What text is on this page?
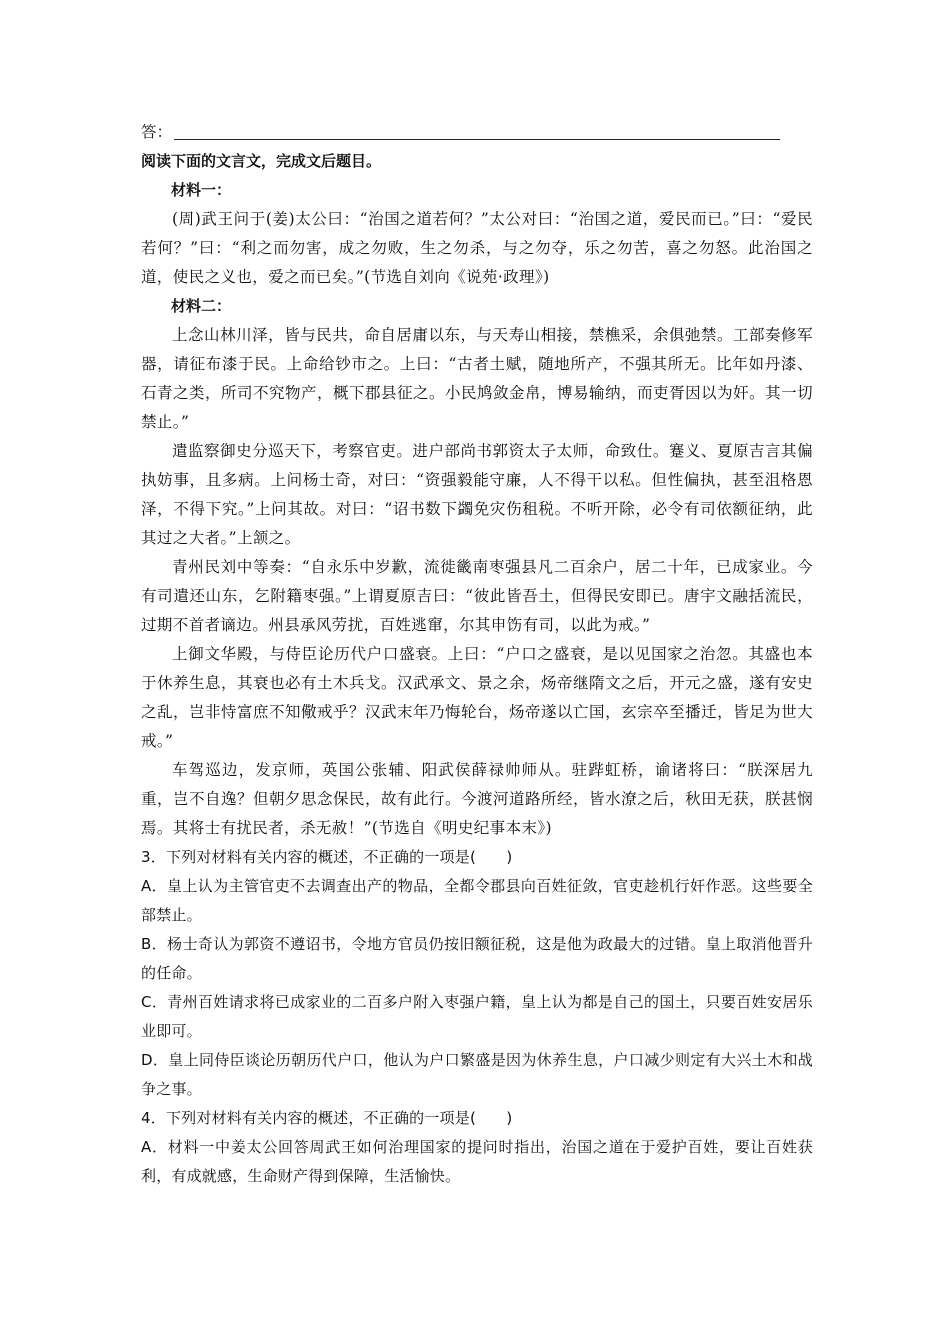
答：

阅读下面的文言文，完成文后题目。

材料一：

(周)武王问于(姜)太公曰：“治国之道若何？”太公对曰：“治国之道，爱民而已。”曰：“爱民若何？”曰：“利之而勿害，成之勿败，生之勿杀，与之勿夺，乐之勿苦，喜之勿怒。此治国之道，使民之义也，爱之而已矣。”(节选自刘向《说苑·政理》)

材料二：

上念山林川泽，皆与民共，命自居庸以东，与天寿山相接，禁樵采，余俱弛禁。工部奏修军器，请征布漆于民。上命给钞市之。上曰：“古者土赋，随地所产，不强其所无。比年如丹漆、石青之类，所司不究物产，概下郡县征之。小民鸠敛金帛，博易输纳，而吏胥因以为奸。其一切禁止。”

遣监察御史分巡天下，考察官吏。进户部尚书郭资太子太师，命致仕。蹇义、夏原吉言其偏执妨事，且多病。上问杨士奇，对曰：“资强毅能守廉，人不得干以私。但性偏执，甚至沮格恩泽，不得下究。”上问其故。对曰：“诏书数下蠲免灾伤租税。不听开除，必令有司依额征纳，此其过之大者。”上颔之。

青州民刘中等奏：“自永乐中岁歉，流徙畿南枣强县凡二百余户，居二十年，已成家业。今有司遣还山东，乞附籍枣强。”上谓夏原吉曰：“彼此皆吾土，但得民安即已。唐宇文融括流民，过期不首者谪边。州县承风劳扰，百姓逃窜，尔其申饬有司，以此为戒。”

上御文华殿，与侍臣论历代户口盛衰。上曰：“户口之盛衰，是以见国家之治忽。其盛也本于休养生息，其衰也必有土木兵戈。汉武承文、景之余，炀帝继隋文之后，开元之盛，遂有安史之乱，岂非恃富庶不知儆戒乎？汉武末年乃悔轮台，炀帝遂以亡国，玄宗卒至播迁，皆足为世大戒。”

车驾巡边，发京师，英国公张辅、阳武侯薛禄帅师从。驻跸虹桥，谕诸将曰：“朕深居九重，岂不自逸？但朝夕思念保民，故有此行。今渡河道路所经，皆水潦之后，秋田无获，朕甚悯焉。其将士有扰民者，杀无赦！”(节选自《明史纪事本末》)

3．下列对材料有关内容的概述，不正确的一项是(　　)

A．皇上认为主管官吏不去调查出产的物品，全都令郡县向百姓征敛，官吏趁机行奸作恶。这些要全部禁止。

B．杨士奇认为郭资不遵诏书，令地方官员仍按旧额征税，这是他为政最大的过错。皇上取消他晋升的任命。

C．青州百姓请求将已成家业的二百多户附入枣强户籍，皇上认为都是自己的国土，只要百姓安居乐业即可。

D．皇上同侍臣谈论历朝历代户口，他认为户口繁盛是因为休养生息，户口减少则定有大兴土木和战争之事。

4．下列对材料有关内容的概述，不正确的一项是(　　)

A．材料一中姜太公回答周武王如何治理国家的提问时指出，治国之道在于爱护百姓，要让百姓获利，有成就感，生命财产得到保障，生活愉快。
